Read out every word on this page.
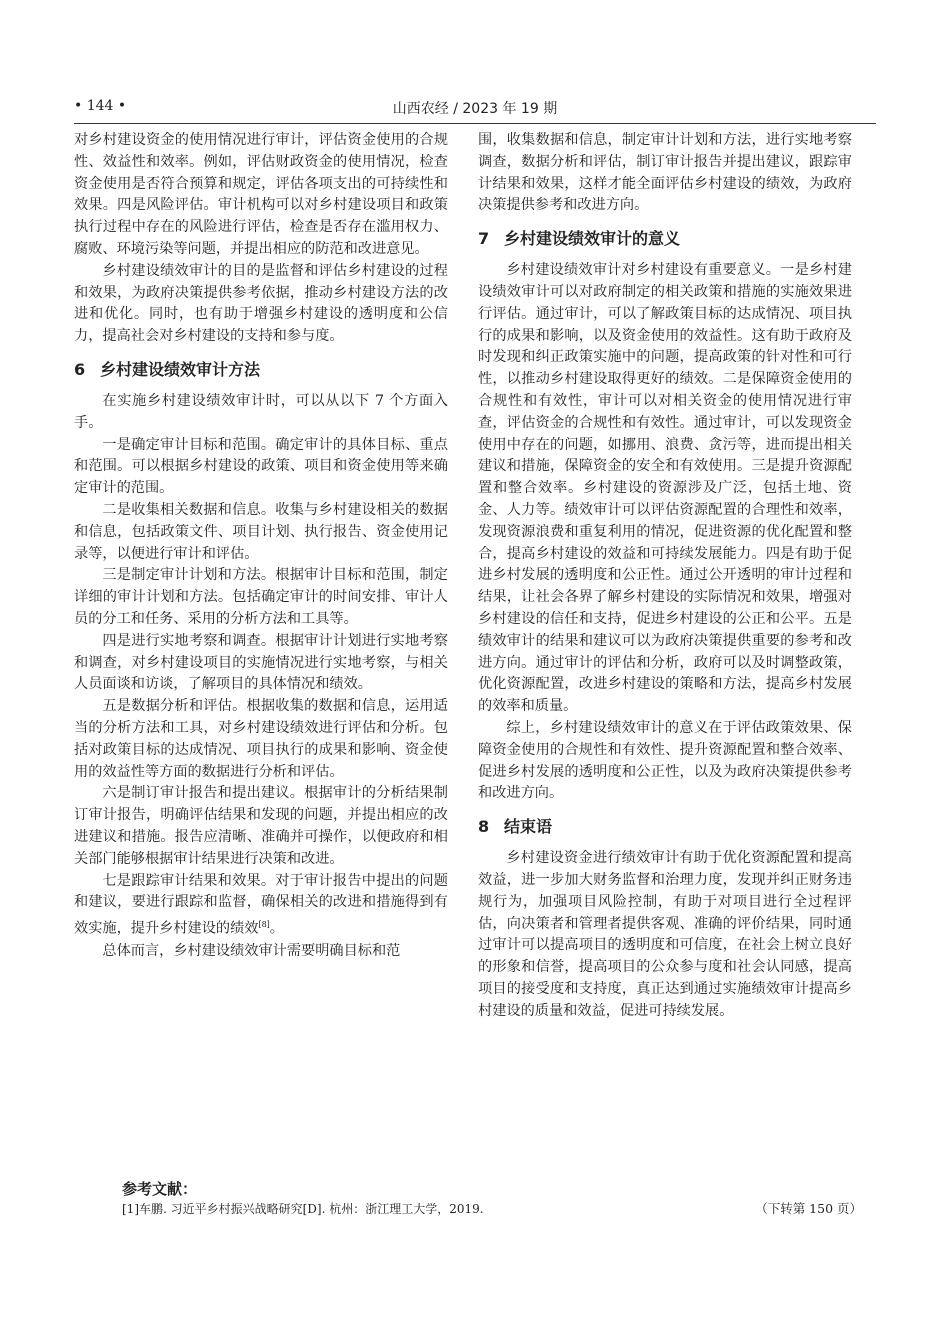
• 144 •	山西农经 / 2023 年 19 期

对乡村建设资金的使用情况进行审计，评估资金使用的合规性、效益性和效率。例如，评估财政资金的使用情况，检查资金使用是否符合预算和规定，评估各项支出的可持续性和效果。四是风险评估。审计机构可以对乡村建设项目和政策执行过程中存在的风险进行评估，检查是否存在滥用权力、腐败、环境污染等问题，并提出相应的防范和改进意见。

乡村建设绩效审计的目的是监督和评估乡村建设的过程和效果，为政府决策提供参考依据，推动乡村建设方法的改进和优化。同时，也有助于增强乡村建设的透明度和公信力，提高社会对乡村建设的支持和参与度。

6 乡村建设绩效审计方法

在实施乡村建设绩效审计时，可以从以下 7 个方面入手。

一是确定审计目标和范围。确定审计的具体目标、重点和范围。可以根据乡村建设的政策、项目和资金使用等来确定审计的范围。

二是收集相关数据和信息。收集与乡村建设相关的数据和信息，包括政策文件、项目计划、执行报告、资金使用记录等，以便进行审计和评估。

三是制定审计计划和方法。根据审计目标和范围，制定详细的审计计划和方法。包括确定审计的时间安排、审计人员的分工和任务、采用的分析方法和工具等。

四是进行实地考察和调查。根据审计计划进行实地考察和调查，对乡村建设项目的实施情况进行实地考察，与相关人员面谈和访谈，了解项目的具体情况和绩效。

五是数据分析和评估。根据收集的数据和信息，运用适当的分析方法和工具，对乡村建设绩效进行评估和分析。包括对政策目标的达成情况、项目执行的成果和影响、资金使用的效益性等方面的数据进行分析和评估。

六是制订审计报告和提出建议。根据审计的分析结果制订审计报告，明确评估结果和发现的问题，并提出相应的改进建议和措施。报告应清晰、准确并可操作，以便政府和相关部门能够根据审计结果进行决策和改进。

七是跟踪审计结果和效果。对于审计报告中提出的问题和建议，要进行跟踪和监督，确保相关的改进和措施得到有效实施，提升乡村建设的绩效[8]。

总体而言，乡村建设绩效审计需要明确目标和范

围，收集数据和信息，制定审计计划和方法，进行实地考察调查，数据分析和评估，制订审计报告并提出建议，跟踪审计结果和效果，这样才能全面评估乡村建设的绩效，为政府决策提供参考和改进方向。

7 乡村建设绩效审计的意义

乡村建设绩效审计对乡村建设有重要意义。一是乡村建设绩效审计可以对政府制定的相关政策和措施的实施效果进行评估。通过审计，可以了解政策目标的达成情况、项目执行的成果和影响，以及资金使用的效益性。这有助于政府及时发现和纠正政策实施中的问题，提高政策的针对性和可行性，以推动乡村建设取得更好的绩效。二是保障资金使用的合规性和有效性，审计可以对相关资金的使用情况进行审查，评估资金的合规性和有效性。通过审计，可以发现资金使用中存在的问题，如挪用、浪费、贪污等，进而提出相关建议和措施，保障资金的安全和有效使用。三是提升资源配置和整合效率。乡村建设的资源涉及广泛，包括土地、资金、人力等。绩效审计可以评估资源配置的合理性和效率，发现资源浪费和重复利用的情况，促进资源的优化配置和整合，提高乡村建设的效益和可持续发展能力。四是有助于促进乡村发展的透明度和公正性。通过公开透明的审计过程和结果，让社会各界了解乡村建设的实际情况和效果，增强对乡村建设的信任和支持，促进乡村建设的公正和公平。五是绩效审计的结果和建议可以为政府决策提供重要的参考和改进方向。通过审计的评估和分析，政府可以及时调整政策，优化资源配置，改进乡村建设的策略和方法，提高乡村发展的效率和质量。

综上，乡村建设绩效审计的意义在于评估政策效果、保障资金使用的合规性和有效性、提升资源配置和整合效率、促进乡村发展的透明度和公正性，以及为政府决策提供参考和改进方向。

8 结束语

乡村建设资金进行绩效审计有助于优化资源配置和提高效益，进一步加大财务监督和治理力度，发现并纠正财务违规行为，加强项目风险控制，有助于对项目进行全过程评估，向决策者和管理者提供客观、准确的评价结果，同时通过审计可以提高项目的透明度和可信度，在社会上树立良好的形象和信誉，提高项目的公众参与度和社会认同感，提高项目的接受度和支持度，真正达到通过实施绩效审计提高乡村建设的质量和效益，促进可持续发展。

参考文献：
[1]车鹏. 习近平乡村振兴战略研究[D]. 杭州：浙江理工大学，2019.	（下转第 150 页）
